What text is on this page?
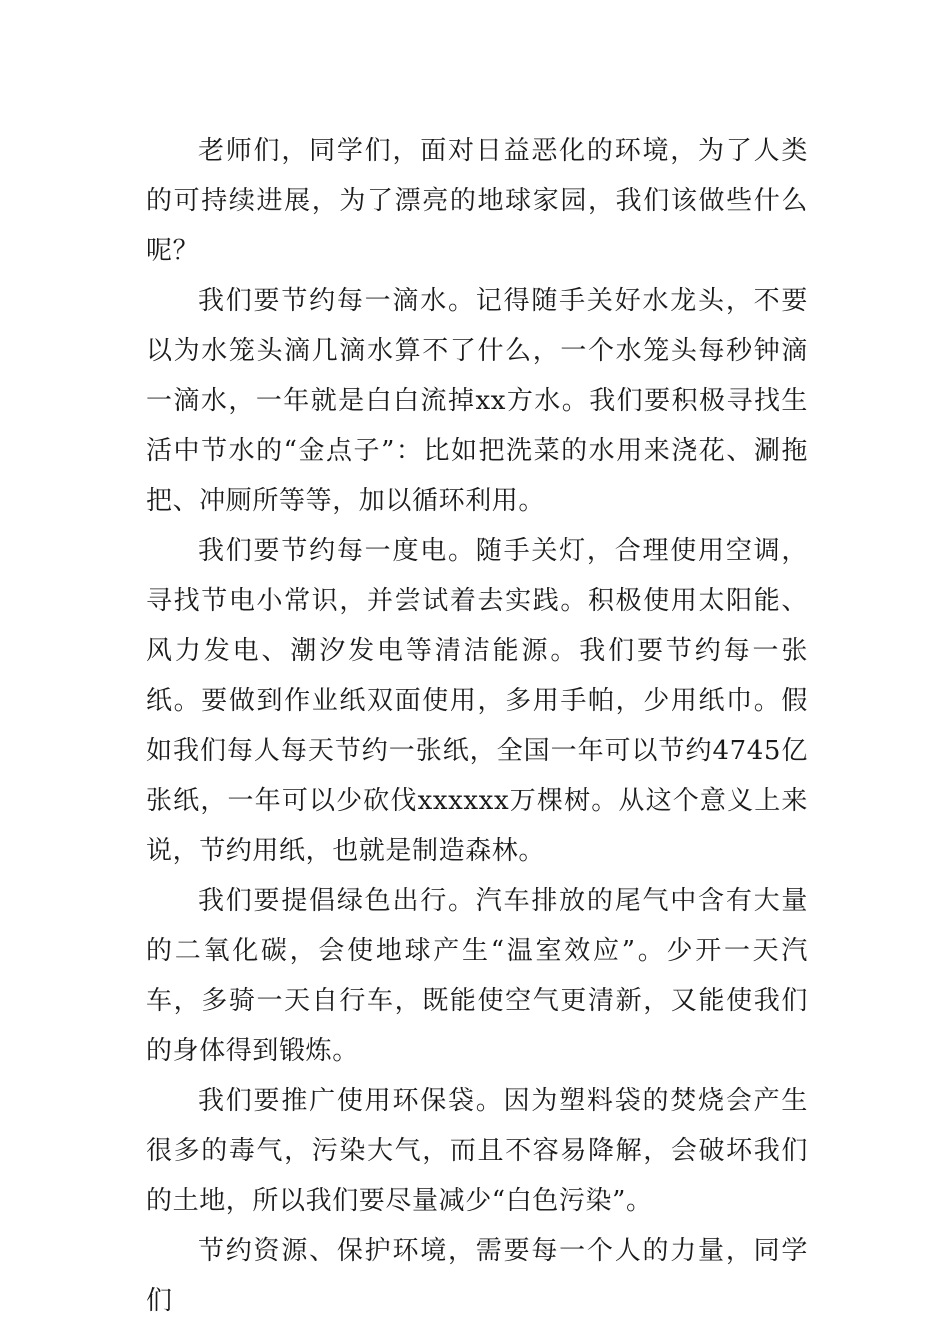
老师们，同学们，面对日益恶化的环境，为了人类的可持续进展，为了漂亮的地球家园，我们该做些什么呢？

我们要节约每一滴水。记得随手关好水龙头，不要以为水笼头滴几滴水算不了什么，一个水笼头每秒钟滴一滴水，一年就是白白流掉xx方水。我们要积极寻找生活中节水的“金点子”：比如把洗菜的水用来浇花、涮拖把、冲厕所等等，加以循环利用。

我们要节约每一度电。随手关灯，合理使用空调，寻找节电小常识，并尝试着去实践。积极使用太阳能、风力发电、潮汐发电等清洁能源。我们要节约每一张纸。要做到作业纸双面使用，多用手帕，少用纸巾。假如我们每人每天节约一张纸，全国一年可以节约4745亿张纸，一年可以少砍伐xxxxxx万棵树。从这个意义上来说，节约用纸，也就是制造森林。

我们要提倡绿色出行。汽车排放的尾气中含有大量的二氧化碳，会使地球产生“温室效应”。少开一天汽车，多骑一天自行车，既能使空气更清新，又能使我们的身体得到锻炼。

我们要推广使用环保袋。因为塑料袋的焚烧会产生很多的毒气，污染大气，而且不容易降解，会破坏我们的土地，所以我们要尽量减少“白色污染”。

节约资源、保护环境，需要每一个人的力量，同学们
